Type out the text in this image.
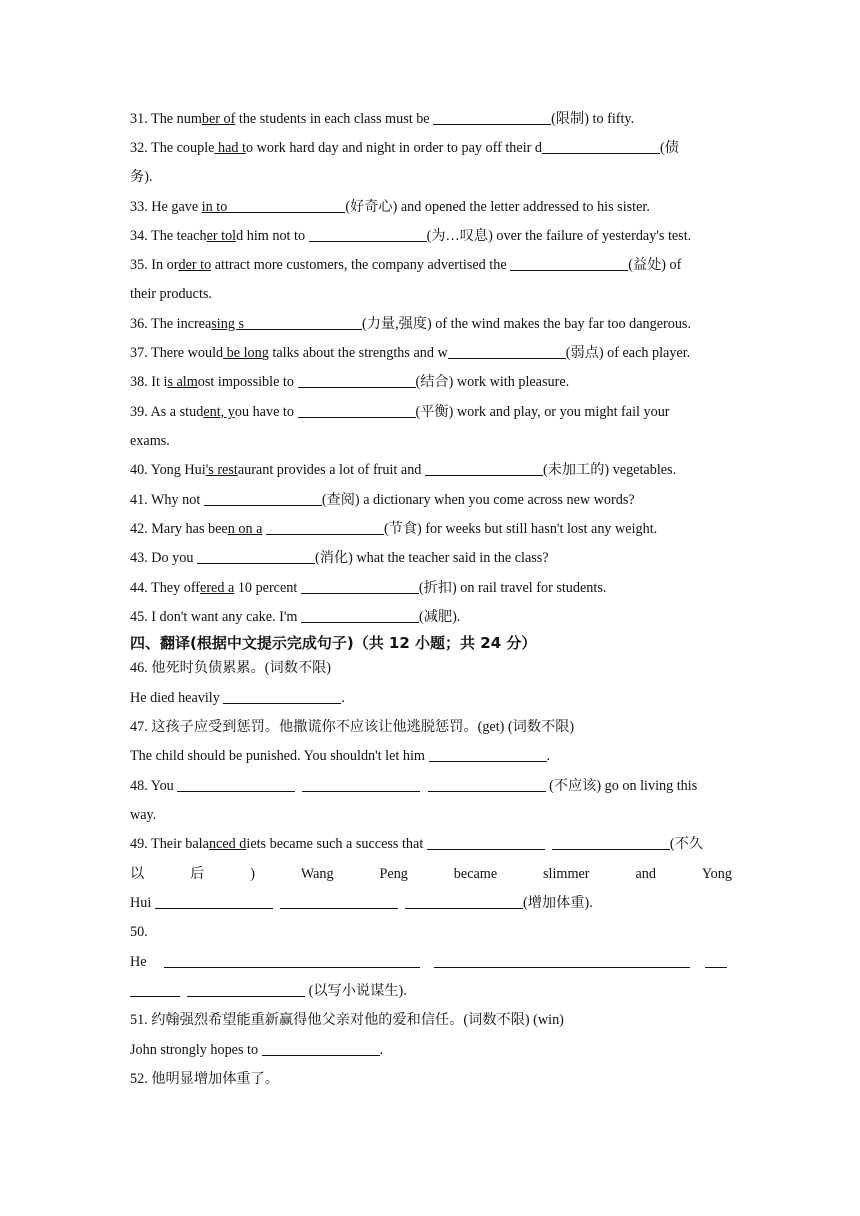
31. The number of the students in each class must be	(限制) to fifty.
32. The couple had to work hard day and night in order to pay off their d	(债
务).
33. He gave in to	(好奇心) and opened the letter addressed to his sister.
34. The teacher told him not to	(为…叹息) over the failure of yesterday's test.
35. In order to attract more customers, the company advertised the	(益处) of
their products.
36. The increasing s	(力量,强度) of the wind makes the bay far too dangerous.
37. There would be long talks about the strengths and w	(弱点) of each player.
38. It is almost impossible to	(结合) work with pleasure.
39. As a student, you have to	(平衡) work and play, or you might fail your
exams.
40. Yong Hui's restaurant provides a lot of fruit and	(未加工的) vegetables.
41. Why not	(查阅) a dictionary when you come across new words?
42. Mary has been on a	(节食) for weeks but still hasn't lost any weight.
43. Do you	(消化) what the teacher said in the class?
44. They offered a 10 percent	(折扣) on rail travel for students.
45. I don't want any cake. I'm	(减肥).
四、翻译(根据中文提示完成句子)（共 12 小题；共 24 分）
46. 他死时负债累累。(词数不限)
He died heavily	.
47. 这孩子应受到惩罚。他撒谎你不应该让他逃脱惩罚。(get) (词数不限)
The child should be punished. You shouldn't let him	.
48. You	(不应该) go on living this
way.
49. Their balanced diets became such a success that	(不久
以	后	)	Wang	Peng	became	slimmer	and	Yong
Hui	(增加体重).
50.
He
(以写小说谋生).
51. 约翰强烈希望能重新赢得他父亲对他的爱和信任。(词数不限) (win)
John strongly hopes to	.
52. 他明显增加体重了。
